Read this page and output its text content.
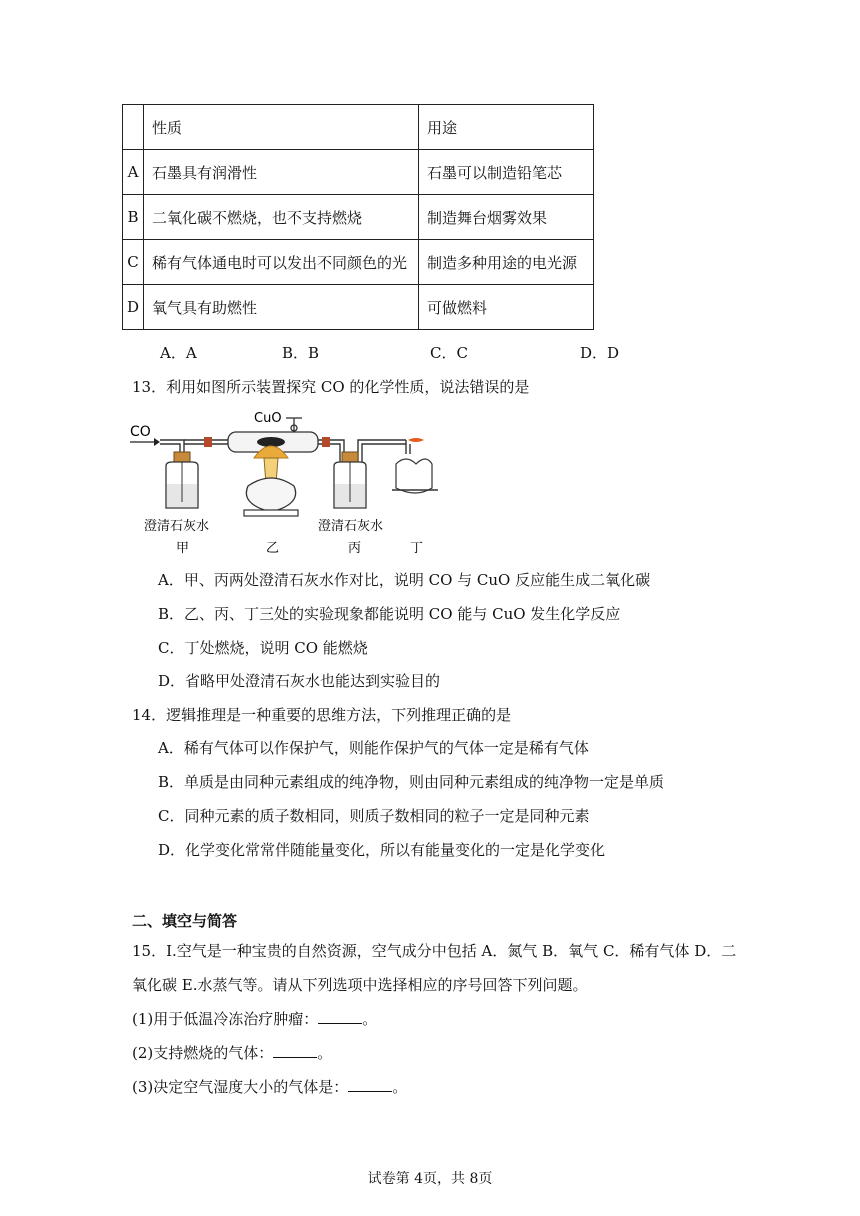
	性质	用途
A	石墨具有润滑性	石墨可以制造铅笔芯
B	二氧化碳不燃烧，也不支持燃烧	制造舞台烟雾效果
C	稀有气体通电时可以发出不同颜色的光	制造多种用途的电光源
D	氧气具有助燃性	可做燃料
A．A	B．B	C．C	D．D
13．利用如图所示装置探究 CO 的化学性质，说法错误的是
CO
CuO
澄清石灰水	澄清石灰水
甲	乙	丙	丁
A．甲、丙两处澄清石灰水作对比，说明 CO 与 CuO 反应能生成二氧化碳
B．乙、丙、丁三处的实验现象都能说明 CO 能与 CuO 发生化学反应
C．丁处燃烧，说明 CO 能燃烧
D．省略甲处澄清石灰水也能达到实验目的
14．逻辑推理是一种重要的思维方法，下列推理正确的是
A．稀有气体可以作保护气，则能作保护气的气体一定是稀有气体
B．单质是由同种元素组成的纯净物，则由同种元素组成的纯净物一定是单质
C．同种元素的质子数相同，则质子数相同的粒子一定是同种元素
D．化学变化常常伴随能量变化，所以有能量变化的一定是化学变化
二、填空与简答
15．I.空气是一种宝贵的自然资源，空气成分中包括 A．氮气 B．氧气 C．稀有气体 D．二
氧化碳 E.水蒸气等。请从下列选项中选择相应的序号回答下列问题。
(1)用于低温冷冻治疗肿瘤：	。
(2)支持燃烧的气体：	。
(3)决定空气湿度大小的气体是：	。
试卷第 4页，共 8页
